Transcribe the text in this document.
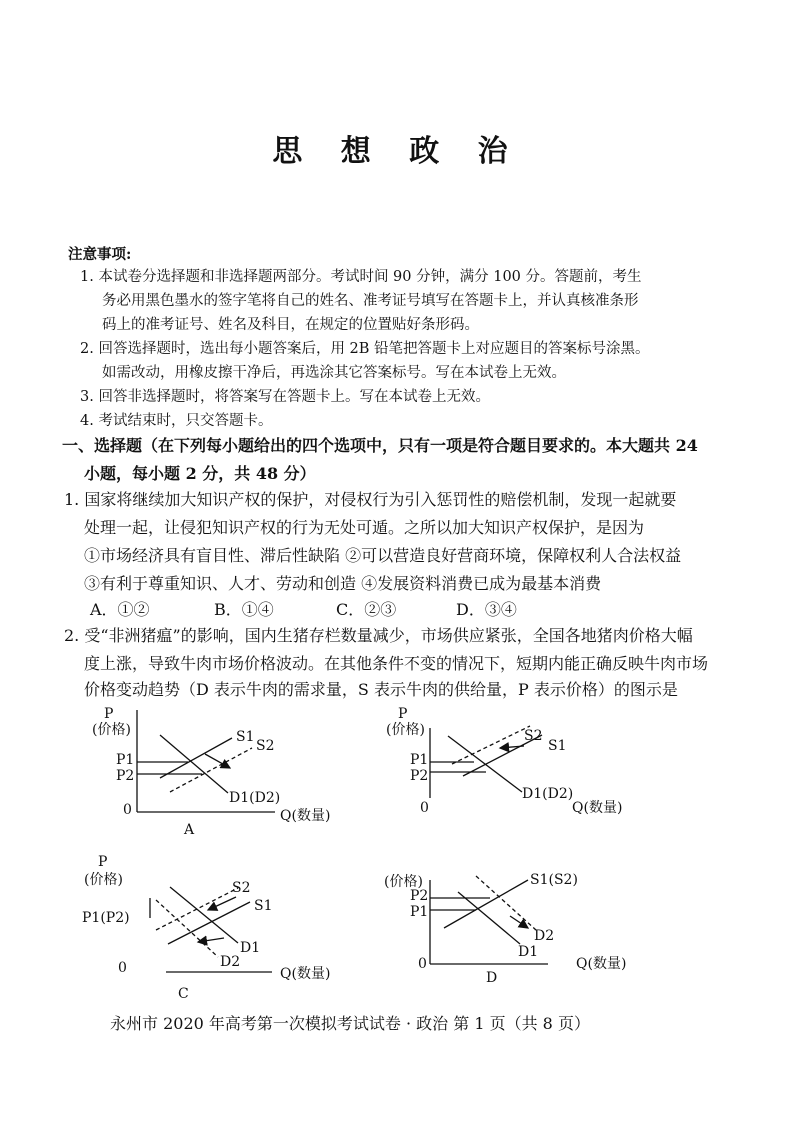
思 想 政 治
注意事项:
1. 本试卷分选择题和非选择题两部分。考试时间 90 分钟，满分 100 分。答题前，考生
务必用黑色墨水的签字笔将自己的姓名、准考证号填写在答题卡上，并认真核准条形
码上的准考证号、姓名及科目，在规定的位置贴好条形码。
2. 回答选择题时，选出每小题答案后，用 2B 铅笔把答题卡上对应题目的答案标号涂黑。
如需改动，用橡皮擦干净后，再选涂其它答案标号。写在本试卷上无效。
3. 回答非选择题时，将答案写在答题卡上。写在本试卷上无效。
4. 考试结束时，只交答题卡。
一、选择题（在下列每小题给出的四个选项中，只有一项是符合题目要求的。本大题共 24
小题，每小题 2 分，共 48 分）
1. 国家将继续加大知识产权的保护，对侵权行为引入惩罚性的赔偿机制，发现一起就要
处理一起，让侵犯知识产权的行为无处可遁。之所以加大知识产权保护，是因为
①市场经济具有盲目性、滞后性缺陷 ②可以营造良好营商环境，保障权利人合法权益
③有利于尊重知识、人才、劳动和创造 ④发展资料消费已成为最基本消费
A．①②	B．①④	C．②③	D．③④
2. 受“非洲猪瘟”的影响，国内生猪存栏数量减少，市场供应紧张，全国各地猪肉价格大幅
度上涨，导致牛肉市场价格波动。在其他条件不变的情况下，短期内能正确反映牛肉市场
价格变动趋势（D 表示牛肉的需求量，S 表示牛肉的供给量，P 表示价格）的图示是
P
(价格)
P1
P2
0	Q(数量)
S1
S2
D1(D2)
A
P
(价格)
P1
P2
0	Q(数量)
S1
S2
D1(D2)
P
(价格)
P1(P2)
0	Q(数量)
S1
S2
D1
D2
C
(价格)
P2
P1
0	Q(数量)
S1(S2)
D2
D1
D
永州市 2020 年高考第一次模拟考试试卷 · 政治 第 1 页（共 8 页）
